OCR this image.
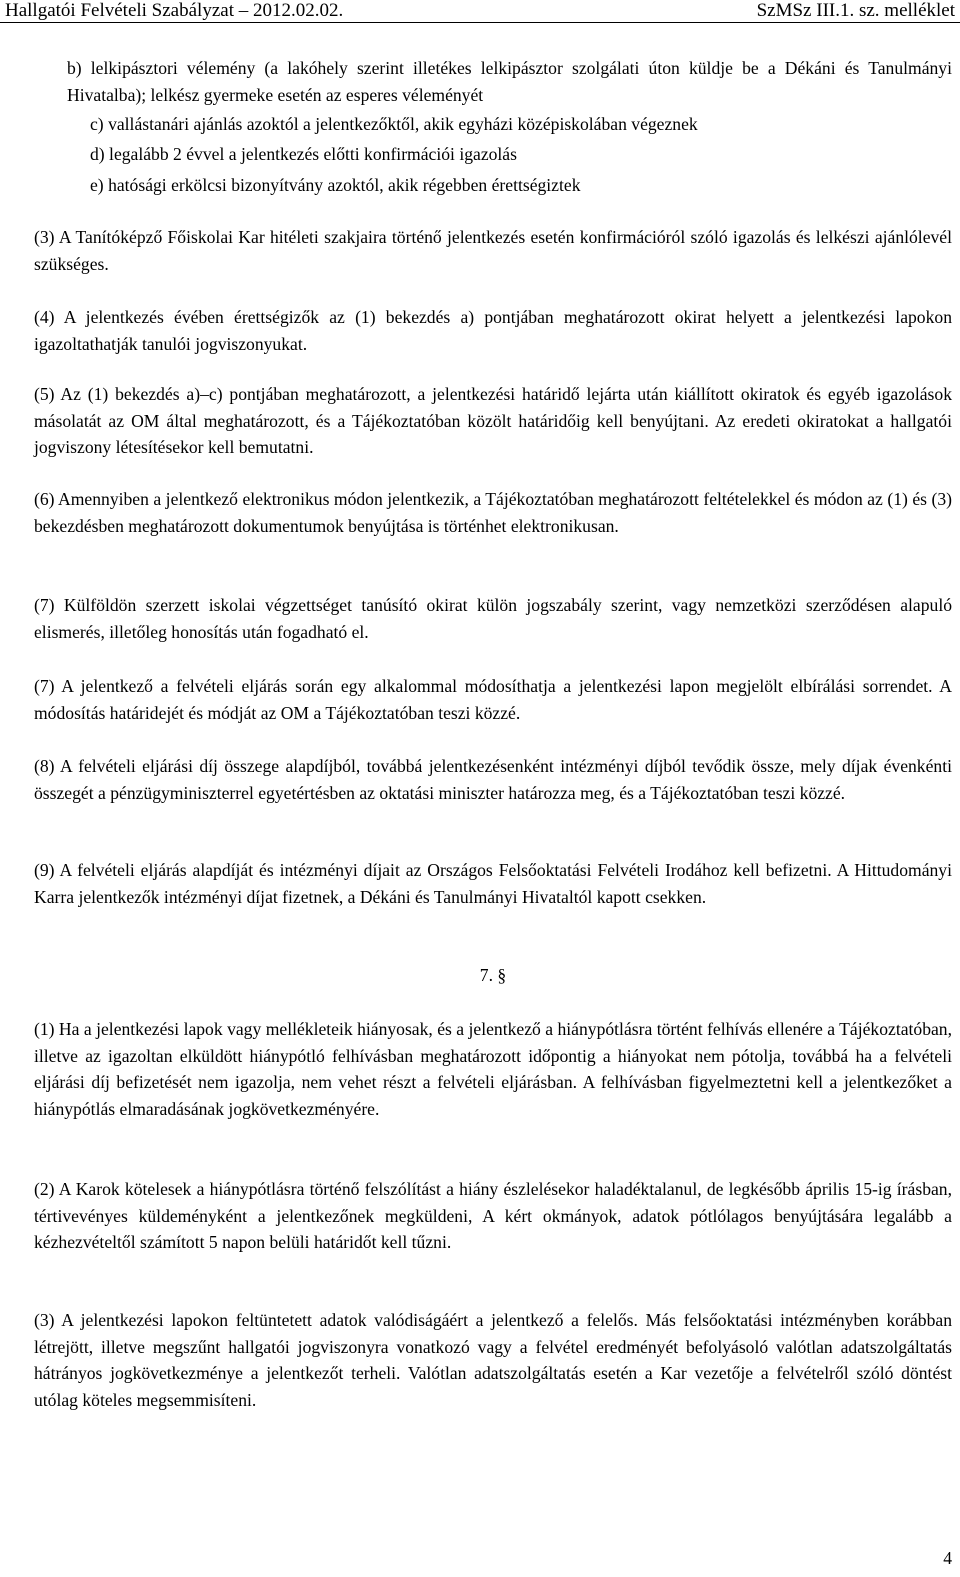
Hallgatói Felvételi Szabályzat – 2012.02.02.	SzMSz III.1. sz. melléklet
b) lelkipásztori vélemény (a lakóhely szerint illetékes lelkipásztor szolgálati úton küldje be a Dékáni és Tanulmányi Hivatalba); lelkész gyermeke esetén az esperes véleményét
c) vallástanári ajánlás azoktól a jelentkezőktől, akik egyházi középiskolában végeznek
d) legalább 2 évvel a jelentkezés előtti konfirmációi igazolás
e) hatósági erkölcsi bizonyítvány azoktól, akik régebben érettségiztek
(3) A Tanítóképző Főiskolai Kar hitéleti szakjaira történő jelentkezés esetén konfirmációról szóló igazolás és lelkészi ajánlólevél szükséges.
(4) A jelentkezés évében érettségizők az (1) bekezdés a) pontjában meghatározott okirat helyett a jelentkezési lapokon igazoltathatják tanulói jogviszonyukat.
(5) Az (1) bekezdés a)–c) pontjában meghatározott, a jelentkezési határidő lejárta után kiállított okiratok és egyéb igazolások másolatát az OM által meghatározott, és a Tájékoztatóban közölt határidőig kell benyújtani. Az eredeti okiratokat a hallgatói jogviszony létesítésekor kell bemutatni.
(6) Amennyiben a jelentkező elektronikus módon jelentkezik, a Tájékoztatóban meghatározott feltételekkel és módon az (1) és (3) bekezdésben meghatározott dokumentumok benyújtása is történhet elektronikusan.
(7) Külföldön szerzett iskolai végzettséget tanúsító okirat külön jogszabály szerint, vagy nemzetközi szerződésen alapuló elismerés, illetőleg honosítás után fogadható el.
(7) A jelentkező a felvételi eljárás során egy alkalommal módosíthatja a jelentkezési lapon megjelölt elbírálási sorrendet. A módosítás határidejét és módját az OM a Tájékoztatóban teszi közzé.
(8) A felvételi eljárási díj összege alapdíjból, továbbá jelentkezésenként intézményi díjból tevődik össze, mely díjak évenkénti összegét a pénzügyminiszterrel egyetértésben az oktatási miniszter határozza meg, és a Tájékoztatóban teszi közzé.
(9) A felvételi eljárás alapdíját és intézményi díjait az Országos Felsőoktatási Felvételi Irodához kell befizetni. A Hittudományi Karra jelentkezők intézményi díjat fizetnek, a Dékáni és Tanulmányi Hivataltól kapott csekken.
7. §
(1) Ha a jelentkezési lapok vagy mellékleteik hiányosak, és a jelentkező a hiánypótlásra történt felhívás ellenére a Tájékoztatóban, illetve az igazoltan elküldött hiánypótló felhívásban meghatározott időpontig a hiányokat nem pótolja, továbbá ha a felvételi eljárási díj befizetését nem igazolja, nem vehet részt a felvételi eljárásban. A felhívásban figyelmeztetni kell a jelentkezőket a hiánypótlás elmaradásának jogkövetkezményére.
(2) A Karok kötelesek a hiánypótlásra történő felszólítást a hiány észlelésekor haladéktalanul, de legkésőbb április 15-ig írásban, tértivevényes küldeményként a jelentkezőnek megküldeni, A kért okmányok, adatok pótlólagos benyújtására legalább a kézhezvételtől számított 5 napon belüli határidőt kell tűzni.
(3) A jelentkezési lapokon feltüntetett adatok valódiságáért a jelentkező a felelős. Más felsőoktatási intézményben korábban létrejött, illetve megszűnt hallgatói jogviszonyra vonatkozó vagy a felvétel eredményét befolyásoló valótlan adatszolgáltatás hátrányos jogkövetkezménye a jelentkezőt terheli. Valótlan adatszolgáltatás esetén a Kar vezetője a felvételről szóló döntést utólag köteles megsemmisíteni.
4
